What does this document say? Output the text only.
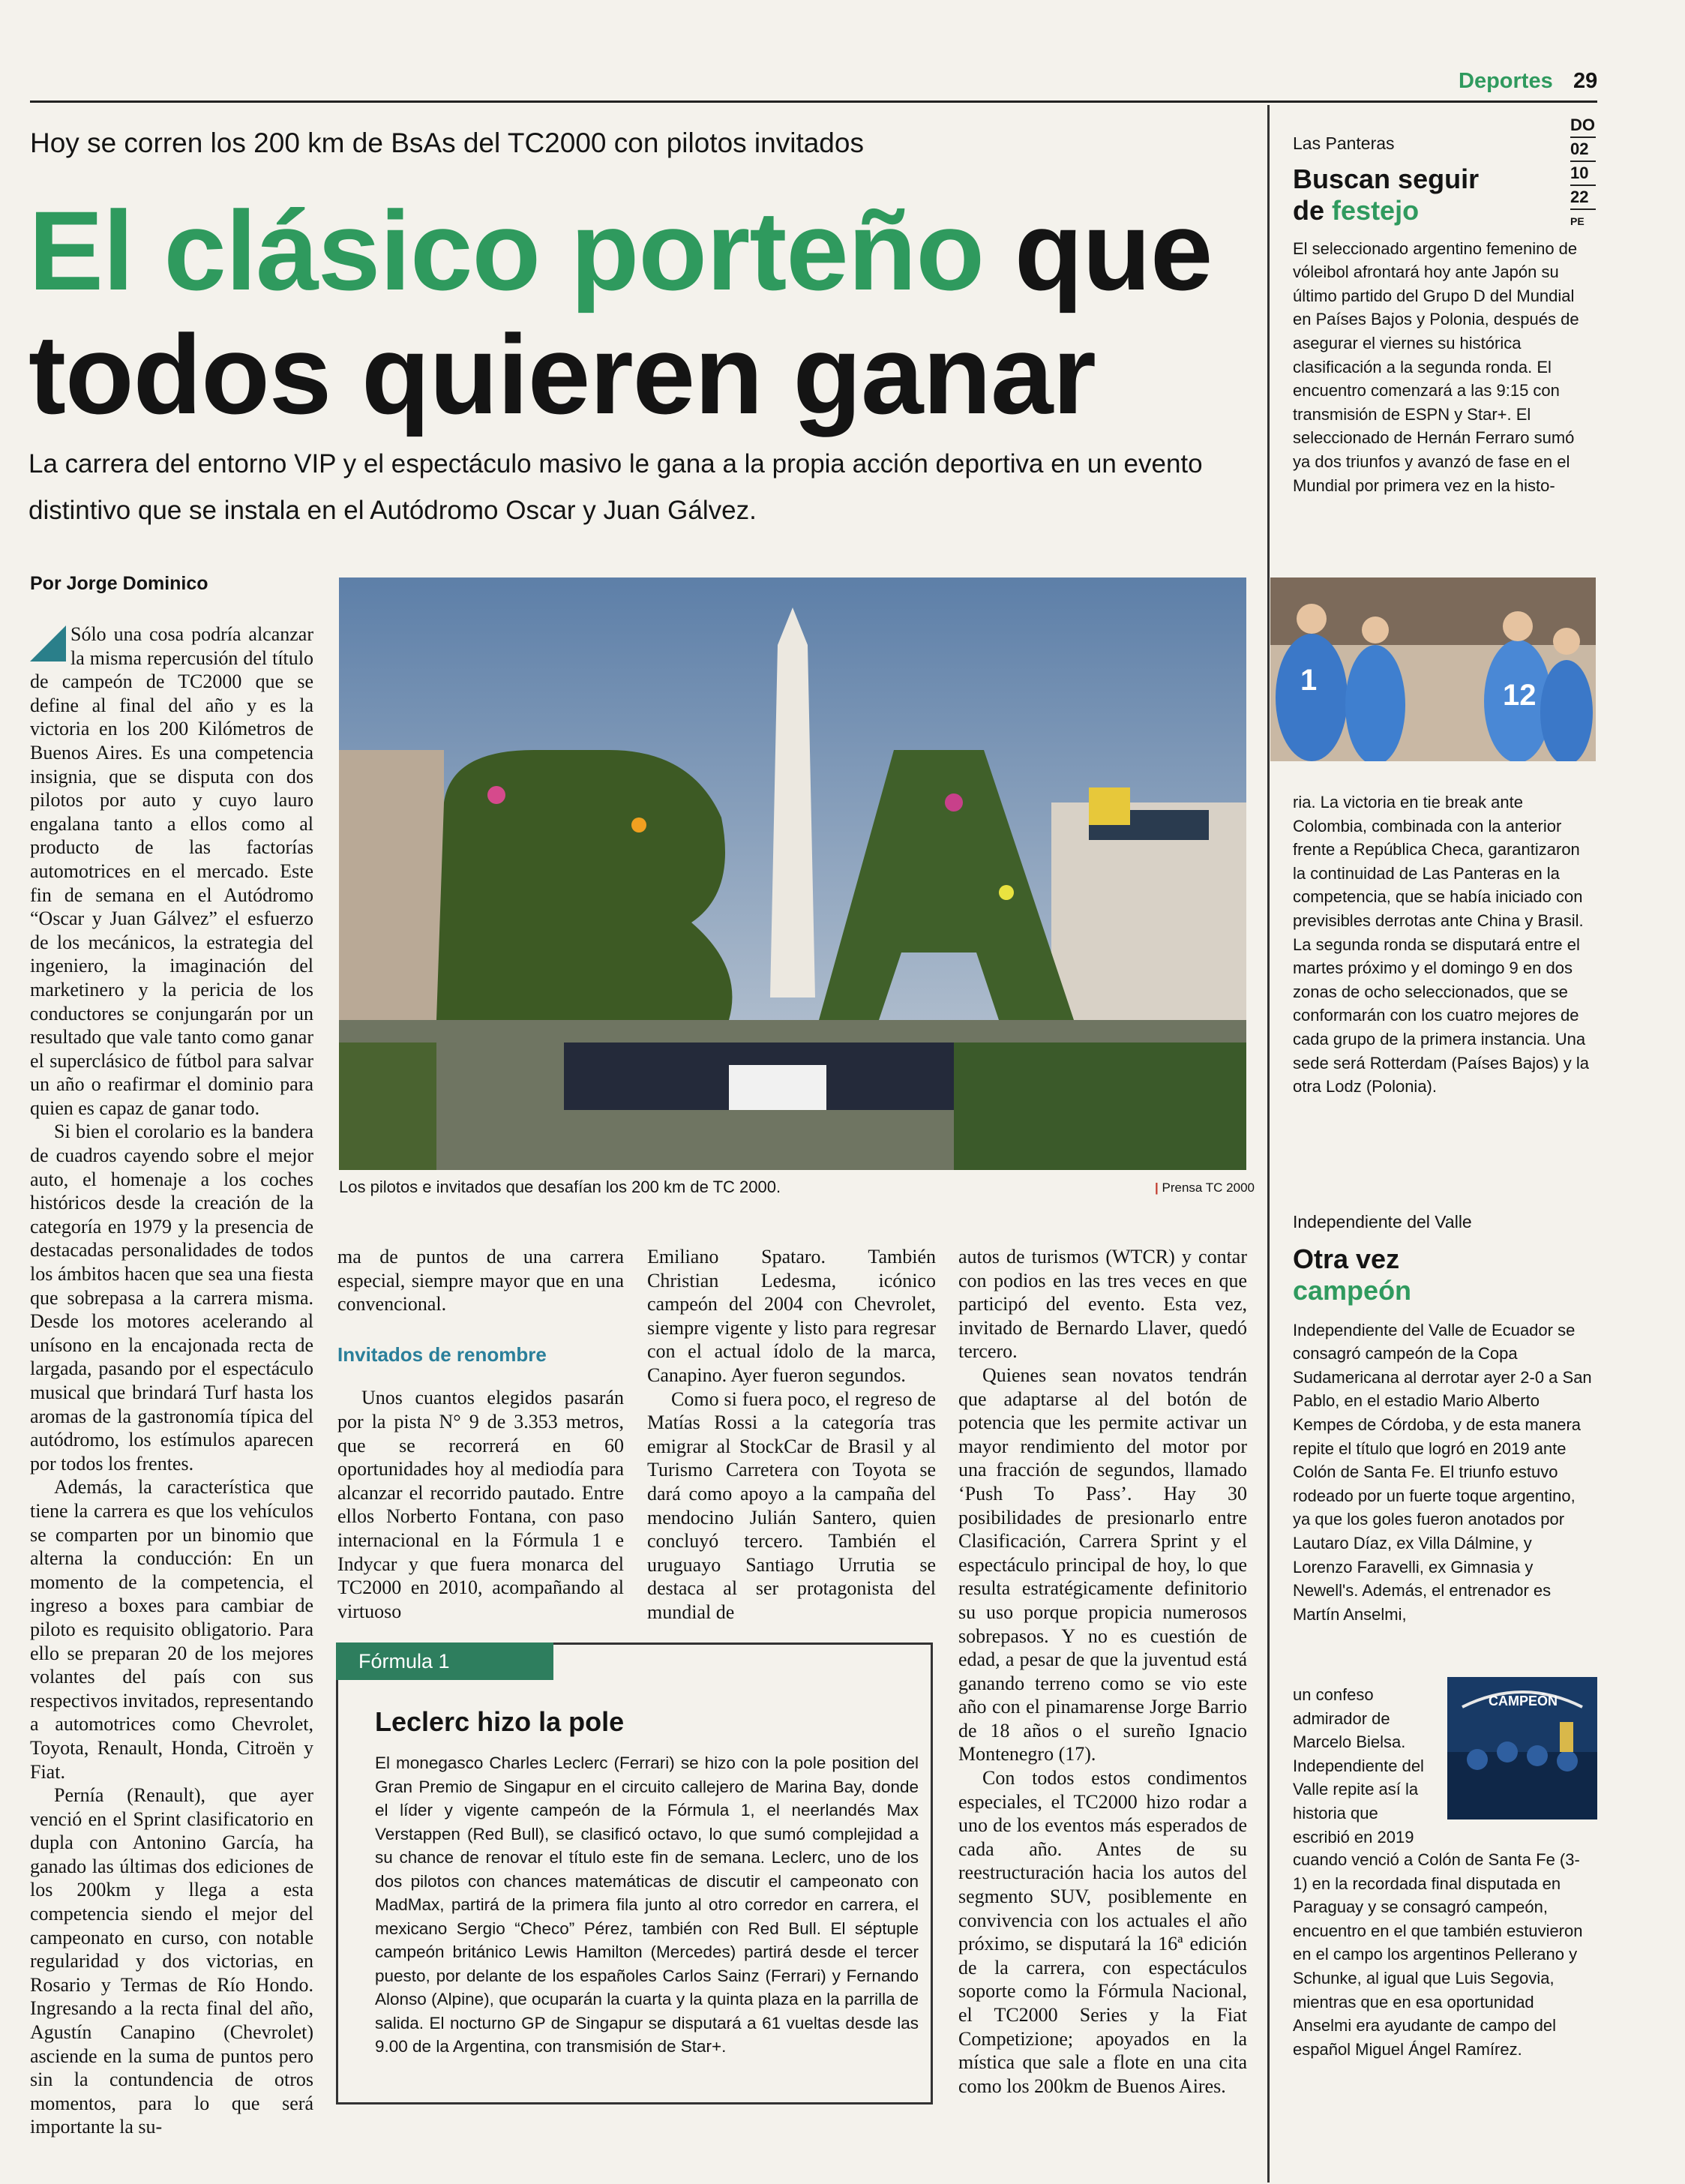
Deportes 29
DO
02
10
22
PE
Hoy se corren los 200 km de BsAs del TC2000 con pilotos invitados
El clásico porteño que
todos quieren ganar
La carrera del entorno VIP y el espectáculo masivo le gana a la propia acción deportiva en un evento distintivo que se instala en el Autódromo Oscar y Juan Gálvez.
Por Jorge Dominico

Sólo una cosa podría alcanzar la misma repercusión del título de campeón de TC2000 que se define al final del año y es la victoria en los 200 Kilómetros de Buenos Aires. Es una competencia insignia, que se disputa con dos pilotos por auto y cuyo lauro engalana tanto a ellos como al producto de las factorías automotrices en el mercado. Este fin de semana en el Autódromo “Oscar y Juan Gálvez” el esfuerzo de los mecánicos, la estrategia del ingeniero, la imaginación del marketinero y la pericia de los conductores se conjungarán por un resultado que vale tanto como ganar el superclásico de fútbol para salvar un año o reafirmar el dominio para quien es capaz de ganar todo.

Si bien el corolario es la bandera de cuadros cayendo sobre el mejor auto, el homenaje a los coches históricos desde la creación de la categoría en 1979 y la presencia de destacadas personalidades de todos los ámbitos hacen que sea una fiesta que sobrepasa a la carrera misma. Desde los motores acelerando al unísono en la encajonada recta de largada, pasando por el espectáculo musical que brindará Turf hasta los aromas de la gastronomía típica del autódromo, los estímulos aparecen por todos los frentes.

Además, la característica que tiene la carrera es que los vehículos se comparten por un binomio que alterna la conducción: En un momento de la competencia, el ingreso a boxes para cambiar de piloto es requisito obligatorio. Para ello se preparan 20 de los mejores volantes del país con sus respectivos invitados, representando a automotrices como Chevrolet, Toyota, Renault, Honda, Citroën y Fiat.

Pernía (Renault), que ayer venció en el Sprint clasificatorio en dupla con Antonino García, ha ganado las últimas dos ediciones de los 200km y llega a esta competencia siendo el mejor del campeonato en curso, con notable regularidad y dos victorias, en Rosario y Termas de Río Hondo. Ingresando a la recta final del año, Agustín Canapino (Chevrolet) asciende en la suma de puntos pero sin la contundencia de otros momentos, para lo que será importante la su-

Los pilotos e invitados que desafían los 200 km de TC 2000.	| Prensa TC 2000

ma de puntos de una carrera especial, siempre mayor que en una convencional.

Invitados de renombre

Unos cuantos elegidos pasarán por la pista N° 9 de 3.353 metros, que se recorrerá en 60 oportunidades hoy al mediodía para alcanzar el recorrido pautado. Entre ellos Norberto Fontana, con paso internacional en la Fórmula 1 e Indycar y que fuera monarca del TC2000 en 2010, acompañando al virtuoso

Emiliano Spataro. También Christian Ledesma, icónico campeón del 2004 con Chevrolet, siempre vigente y listo para regresar con el actual ídolo de la marca, Canapino. Ayer fueron segundos.

Como si fuera poco, el regreso de Matías Rossi a la categoría tras emigrar al StockCar de Brasil y al Turismo Carretera con Toyota se dará como apoyo a la campaña del mendocino Julián Santero, quien concluyó tercero. También el uruguayo Santiago Urrutia se destaca al ser protagonista del mundial de

autos de turismos (WTCR) y contar con podios en las tres veces en que participó del evento. Esta vez, invitado de Bernardo Llaver, quedó tercero.

Quienes sean novatos tendrán que adaptarse al del botón de potencia que les permite activar un mayor rendimiento del motor por una fracción de segundos, llamado ‘Push To Pass’. Hay 30 posibilidades de presionarlo entre Clasificación, Carrera Sprint y el espectáculo principal de hoy, lo que resulta estratégicamente definitorio su uso porque propicia numerosos sobrepasos. Y no es cuestión de edad, a pesar de que la juventud está ganando terreno como se vio este año con el pinamarense Jorge Barrio de 18 años o el sureño Ignacio Montenegro (17).

Con todos estos condimentos especiales, el TC2000 hizo rodar a uno de los eventos más esperados de cada año. Antes de su reestructuración hacia los autos del segmento SUV, posiblemente en convivencia con los actuales el año próximo, se disputará la 16ª edición de la carrera, con espectáculos soporte como la Fórmula Nacional, el TC2000 Series y la Fiat Competizione; apoyados en la mística que sale a flote en una cita como los 200km de Buenos Aires.

Fórmula 1
Leclerc hizo la pole
El monegasco Charles Leclerc (Ferrari) se hizo con la pole position del Gran Premio de Singapur en el circuito callejero de Marina Bay, donde el líder y vigente campeón de la Fórmula 1, el neerlandés Max Verstappen (Red Bull), se clasificó octavo, lo que sumó complejidad a su chance de renovar el título este fin de semana. Leclerc, uno de los dos pilotos con chances matemáticas de discutir el campeonato con MadMax, partirá de la primera fila junto al otro corredor en carrera, el mexicano Sergio “Checo” Pérez, también con Red Bull. El séptuple campeón británico Lewis Hamilton (Mercedes) partirá desde el tercer puesto, por delante de los españoles Carlos Sainz (Ferrari) y Fernando Alonso (Alpine), que ocuparán la cuarta y la quinta plaza en la parrilla de salida. El nocturno GP de Singapur se disputará a 61 vueltas desde las 9.00 de la Argentina, con transmisión de Star+.
Las Panteras
Buscan seguir
de festejo
El seleccionado argentino femenino de vóleibol afrontará hoy ante Japón su último partido del Grupo D del Mundial en Países Bajos y Polonia, después de asegurar el viernes su histórica clasificación a la segunda ronda. El encuentro comenzará a las 9:15 con transmisión de ESPN y Star+. El seleccionado de Hernán Ferraro sumó ya dos triunfos y avanzó de fase en el Mundial por primera vez en la histo-
1	12
ria. La victoria en tie break ante Colombia, combinada con la anterior frente a República Checa, garantizaron la continuidad de Las Panteras en la competencia, que se había iniciado con previsibles derrotas ante China y Brasil. La segunda ronda se disputará entre el martes próximo y el domingo 9 en dos zonas de ocho seleccionados, que se conformarán con los cuatro mejores de cada grupo de la primera instancia. Una sede será Rotterdam (Países Bajos) y la otra Lodz (Polonia).
Independiente del Valle
Otra vez
campeón
Independiente del Valle de Ecuador se consagró campeón de la Copa Sudamericana al derrotar ayer 2-0 a San Pablo, en el estadio Mario Alberto Kempes de Córdoba, y de esta manera repite el título que logró en 2019 ante Colón de Santa Fe. El triunfo estuvo rodeado por un fuerte toque argentino, ya que los goles fueron anotados por Lautaro Díaz, ex Villa Dálmine, y Lorenzo Faravelli, ex Gimnasia y Newell's. Además, el entrenador es Martín Anselmi,
un confeso admirador de Marcelo Bielsa. Independiente del Valle repite así la historia que escribió en 2019
CAMPEÓN
cuando venció a Colón de Santa Fe (3-1) en la recordada final disputada en Paraguay y se consagró campeón, encuentro en el que también estuvieron en el campo los argentinos Pellerano y Schunke, al igual que Luis Segovia, mientras que en esa oportunidad Anselmi era ayudante de campo del español Miguel Ángel Ramírez.
